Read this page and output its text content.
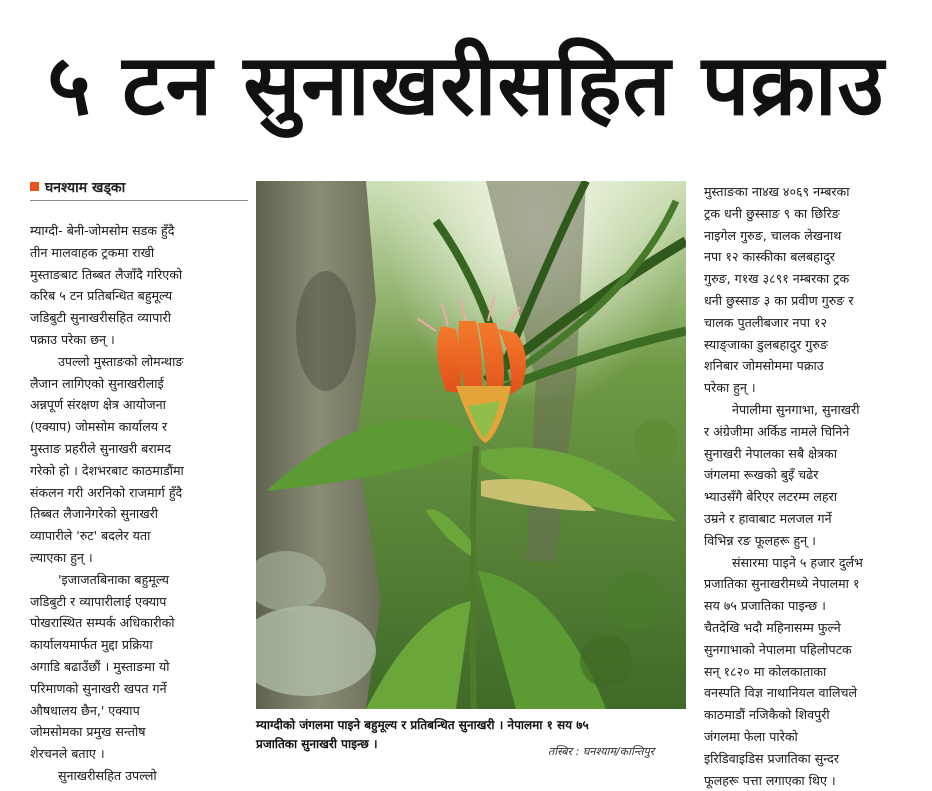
५ टन सुनाखरीसहित पक्राउ
घनश्याम खड्का

म्याग्दी- बेनी-जोमसोम सडक हुँदै

तीन मालवाहक ट्रकमा राखी

मुस्ताङबाट तिब्बत लैजाँदै गरिएको

करिब ५ टन प्रतिबन्धित बहुमूल्य

जडिबुटी सुनाखरीसहित व्यापारी

पक्राउ परेका छन् ।

उपल्लो मुस्ताङको लोमन्थाङ

लैजान लागिएको सुनाखरीलाई

अन्नपूर्ण संरक्षण क्षेत्र आयोजना

(एक्याप) जोमसोम कार्यालय र

मुस्ताङ प्रहरीले सुनाखरी बरामद

गरेको हो । देशभरबाट काठमाडौंमा

संकलन गरी अरनिको राजमार्ग हुँदै

तिब्बत लैजानेगरेको सुनाखरी

व्यापारीले 'रुट' बदलेर यता

ल्याएका हुन् ।

'इजाजतबिनाका बहुमूल्य

जडिबुटी र व्यापारीलाई एक्याप

पोखरास्थित सम्पर्क अधिकारीको

कार्यालयमार्फत मुद्दा प्रक्रिया

अगाडि बढाउँछौं । मुस्ताङमा यो

परिमाणको सुनाखरी खपत गर्ने

औषधालय छैन,' एक्याप

जोमसोमका प्रमुख सन्तोष

शेरचनले बताए ।

सुनाखरीसहित उपल्लो

मुस्ताङका ना४ख ४०६९ नम्बरका

ट्रक धनी छुस्साङ ९ का छिरिङ

नाइगेल गुरुङ, चालक लेखनाथ

नपा १२ कास्कीका बलबहादुर

गुरुङ, ग१ख ३८९१ नम्बरका ट्रक

धनी छुस्साङ ३ का प्रवीण गुरुङ र

चालक पुतलीबजार नपा १२

स्याङ्जाका डुलबहादुर गुरुङ

शनिबार जोमसोममा पक्राउ

परेका हुन् ।

नेपालीमा सुनगाभा, सुनाखरी

र अंग्रेजीमा अर्किड नामले चिनिने

सुनाखरी नेपालका सबै क्षेत्रका

जंगलमा रूखको बुइँ चढेर

भ्याउसँगै बेरिएर लटरम्म लहरा

उम्रने र हावाबाट मलजल गर्ने

विभिन्न रङ फूलहरू हुन् ।

संसारमा पाइने ५ हजार दुर्लभ

प्रजातिका सुनाखरीमध्ये नेपालमा १

सय ७५ प्रजातिका पाइन्छ ।

चैतदेखि भदौ महिनासम्म फुल्ने

सुनगाभाको नेपालमा पहिलोपटक

सन् १८२० मा कोलकाताका

वनस्पति विज्ञ नाथानियल वालिचले

काठमाडौं नजिकैको शिवपुरी

जंगलमा फेला पारेको

इरिडिवाइडिस प्रजातिका सुन्दर

फूलहरू पत्ता लगाएका थिए ।

म्याग्दीको जंगलमा पाइने बहुमूल्य र प्रतिबन्धित सुनाखरी । नेपालमा १ सय ७५
प्रजातिका सुनाखरी पाइन्छ ।
तस्बिर : घनश्याम/कान्तिपुर
